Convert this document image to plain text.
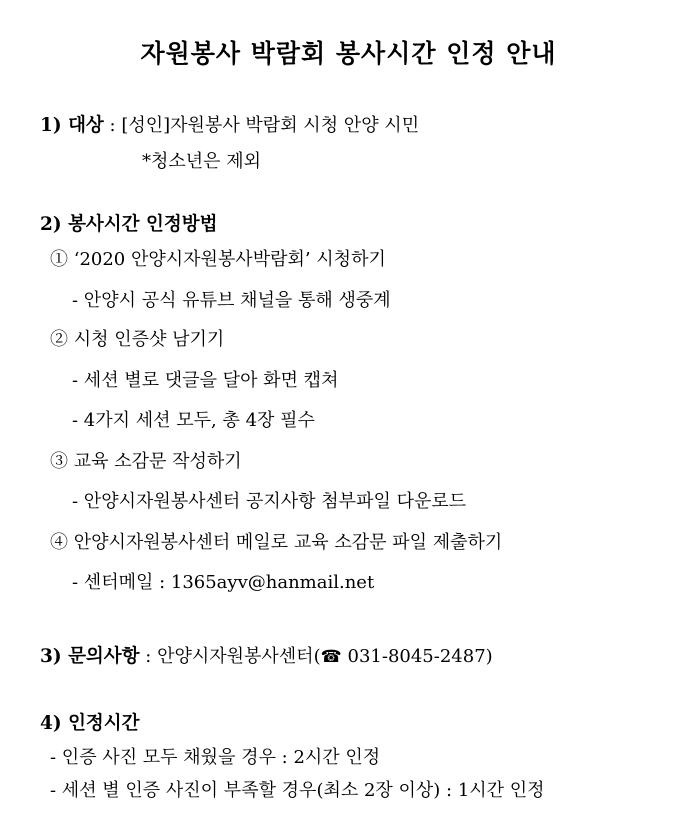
자원봉사 박람회 봉사시간 인정 안내
1) 대상 : [성인]자원봉사 박람회 시청 안양 시민
*청소년은 제외
2) 봉사시간 인정방법
① ‘2020 안양시자원봉사박람회’ 시청하기
- 안양시 공식 유튜브 채널을 통해 생중계
② 시청 인증샷 남기기
- 세션 별로 댓글을 달아 화면 캡쳐
- 4가지 세션 모두, 총 4장 필수
③ 교육 소감문 작성하기
- 안양시자원봉사센터 공지사항 첨부파일 다운로드
④ 안양시자원봉사센터 메일로 교육 소감문 파일 제출하기
- 센터메일 : 1365ayv@hanmail.net
3) 문의사항 : 안양시자원봉사센터(☎ 031-8045-2487)
4) 인정시간
- 인증 사진 모두 채웠을 경우 : 2시간 인정
- 세션 별 인증 사진이 부족할 경우(최소 2장 이상) : 1시간 인정
